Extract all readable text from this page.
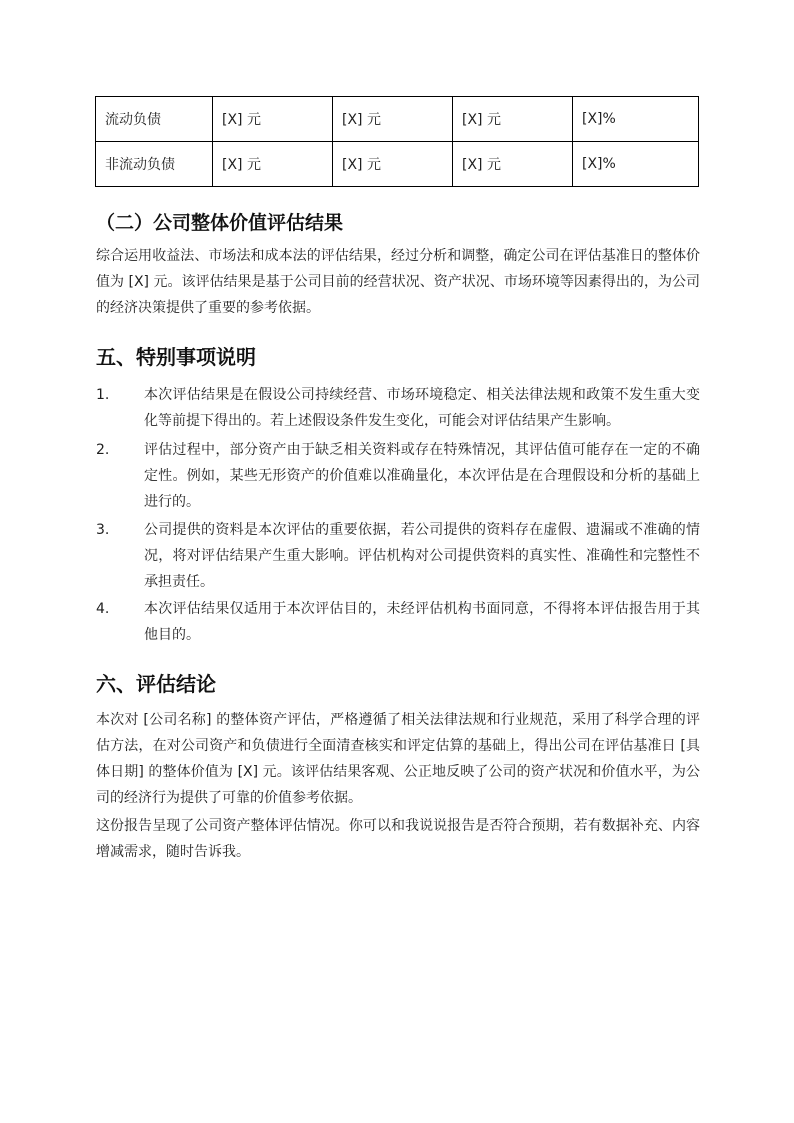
流动负债	[X] 元	[X] 元	[X] 元	[X]%
非流动负债	[X] 元	[X] 元	[X] 元	[X]%
（二）公司整体价值评估结果

综合运用收益法、市场法和成本法的评估结果，经过分析和调整，确定公司在评估基准日的整体价值为 [X] 元。该评估结果是基于公司目前的经营状况、资产状况、市场环境等因素得出的，为公司的经济决策提供了重要的参考依据。

五、特别事项说明
1. 本次评估结果是在假设公司持续经营、市场环境稳定、相关法律法规和政策不发生重大变化等前提下得出的。若上述假设条件发生变化，可能会对评估结果产生影响。
2. 评估过程中，部分资产由于缺乏相关资料或存在特殊情况，其评估值可能存在一定的不确定性。例如，某些无形资产的价值难以准确量化，本次评估是在合理假设和分析的基础上进行的。
3. 公司提供的资料是本次评估的重要依据，若公司提供的资料存在虚假、遗漏或不准确的情况，将对评估结果产生重大影响。评估机构对公司提供资料的真实性、准确性和完整性不承担责任。
4. 本次评估结果仅适用于本次评估目的，未经评估机构书面同意，不得将本评估报告用于其他目的。
六、评估结论

本次对 [公司名称] 的整体资产评估，严格遵循了相关法律法规和行业规范，采用了科学合理的评估方法，在对公司资产和负债进行全面清查核实和评定估算的基础上，得出公司在评估基准日 [具体日期] 的整体价值为 [X] 元。该评估结果客观、公正地反映了公司的资产状况和价值水平，为公司的经济行为提供了可靠的价值参考依据。

这份报告呈现了公司资产整体评估情况。你可以和我说说报告是否符合预期，若有数据补充、内容增减需求，随时告诉我。
